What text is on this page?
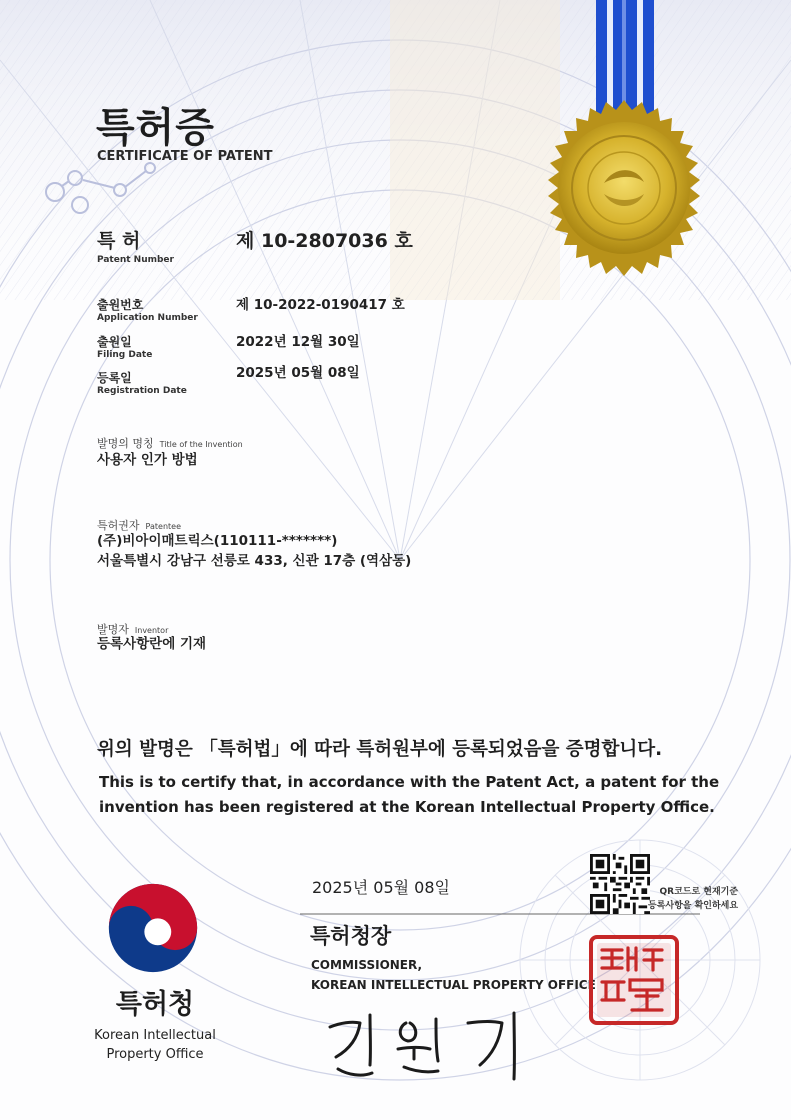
특허증
CERTIFICATE OF PATENT
특 허
Patent Number
제 10-2807036 호
출원번호
Application Number
제 10-2022-0190417 호
출원일
Filing Date
2022년 12월 30일
등록일
Registration Date
2025년 05월 08일
발명의 명칭 Title of the Invention
사용자 인가 방법
특허권자 Patentee
(주)비아이매트릭스(110111-*******)
서울특별시 강남구 선릉로 433, 신관 17층 (역삼동)
발명자 Inventor
등록사항란에 기재
위의 발명은 「특허법」에 따라 특허원부에 등록되었음을 증명합니다.
This is to certify that, in accordance with the Patent Act, a patent for the invention has been registered at the Korean Intellectual Property Office.
2025년 05월 08일	QR코드로 현재기준
등록사항을 확인하세요
특허청
Korean Intellectual
Property Office
특허청장
COMMISSIONER,
KOREAN INTELLECTUAL PROPERTY OFFICE
